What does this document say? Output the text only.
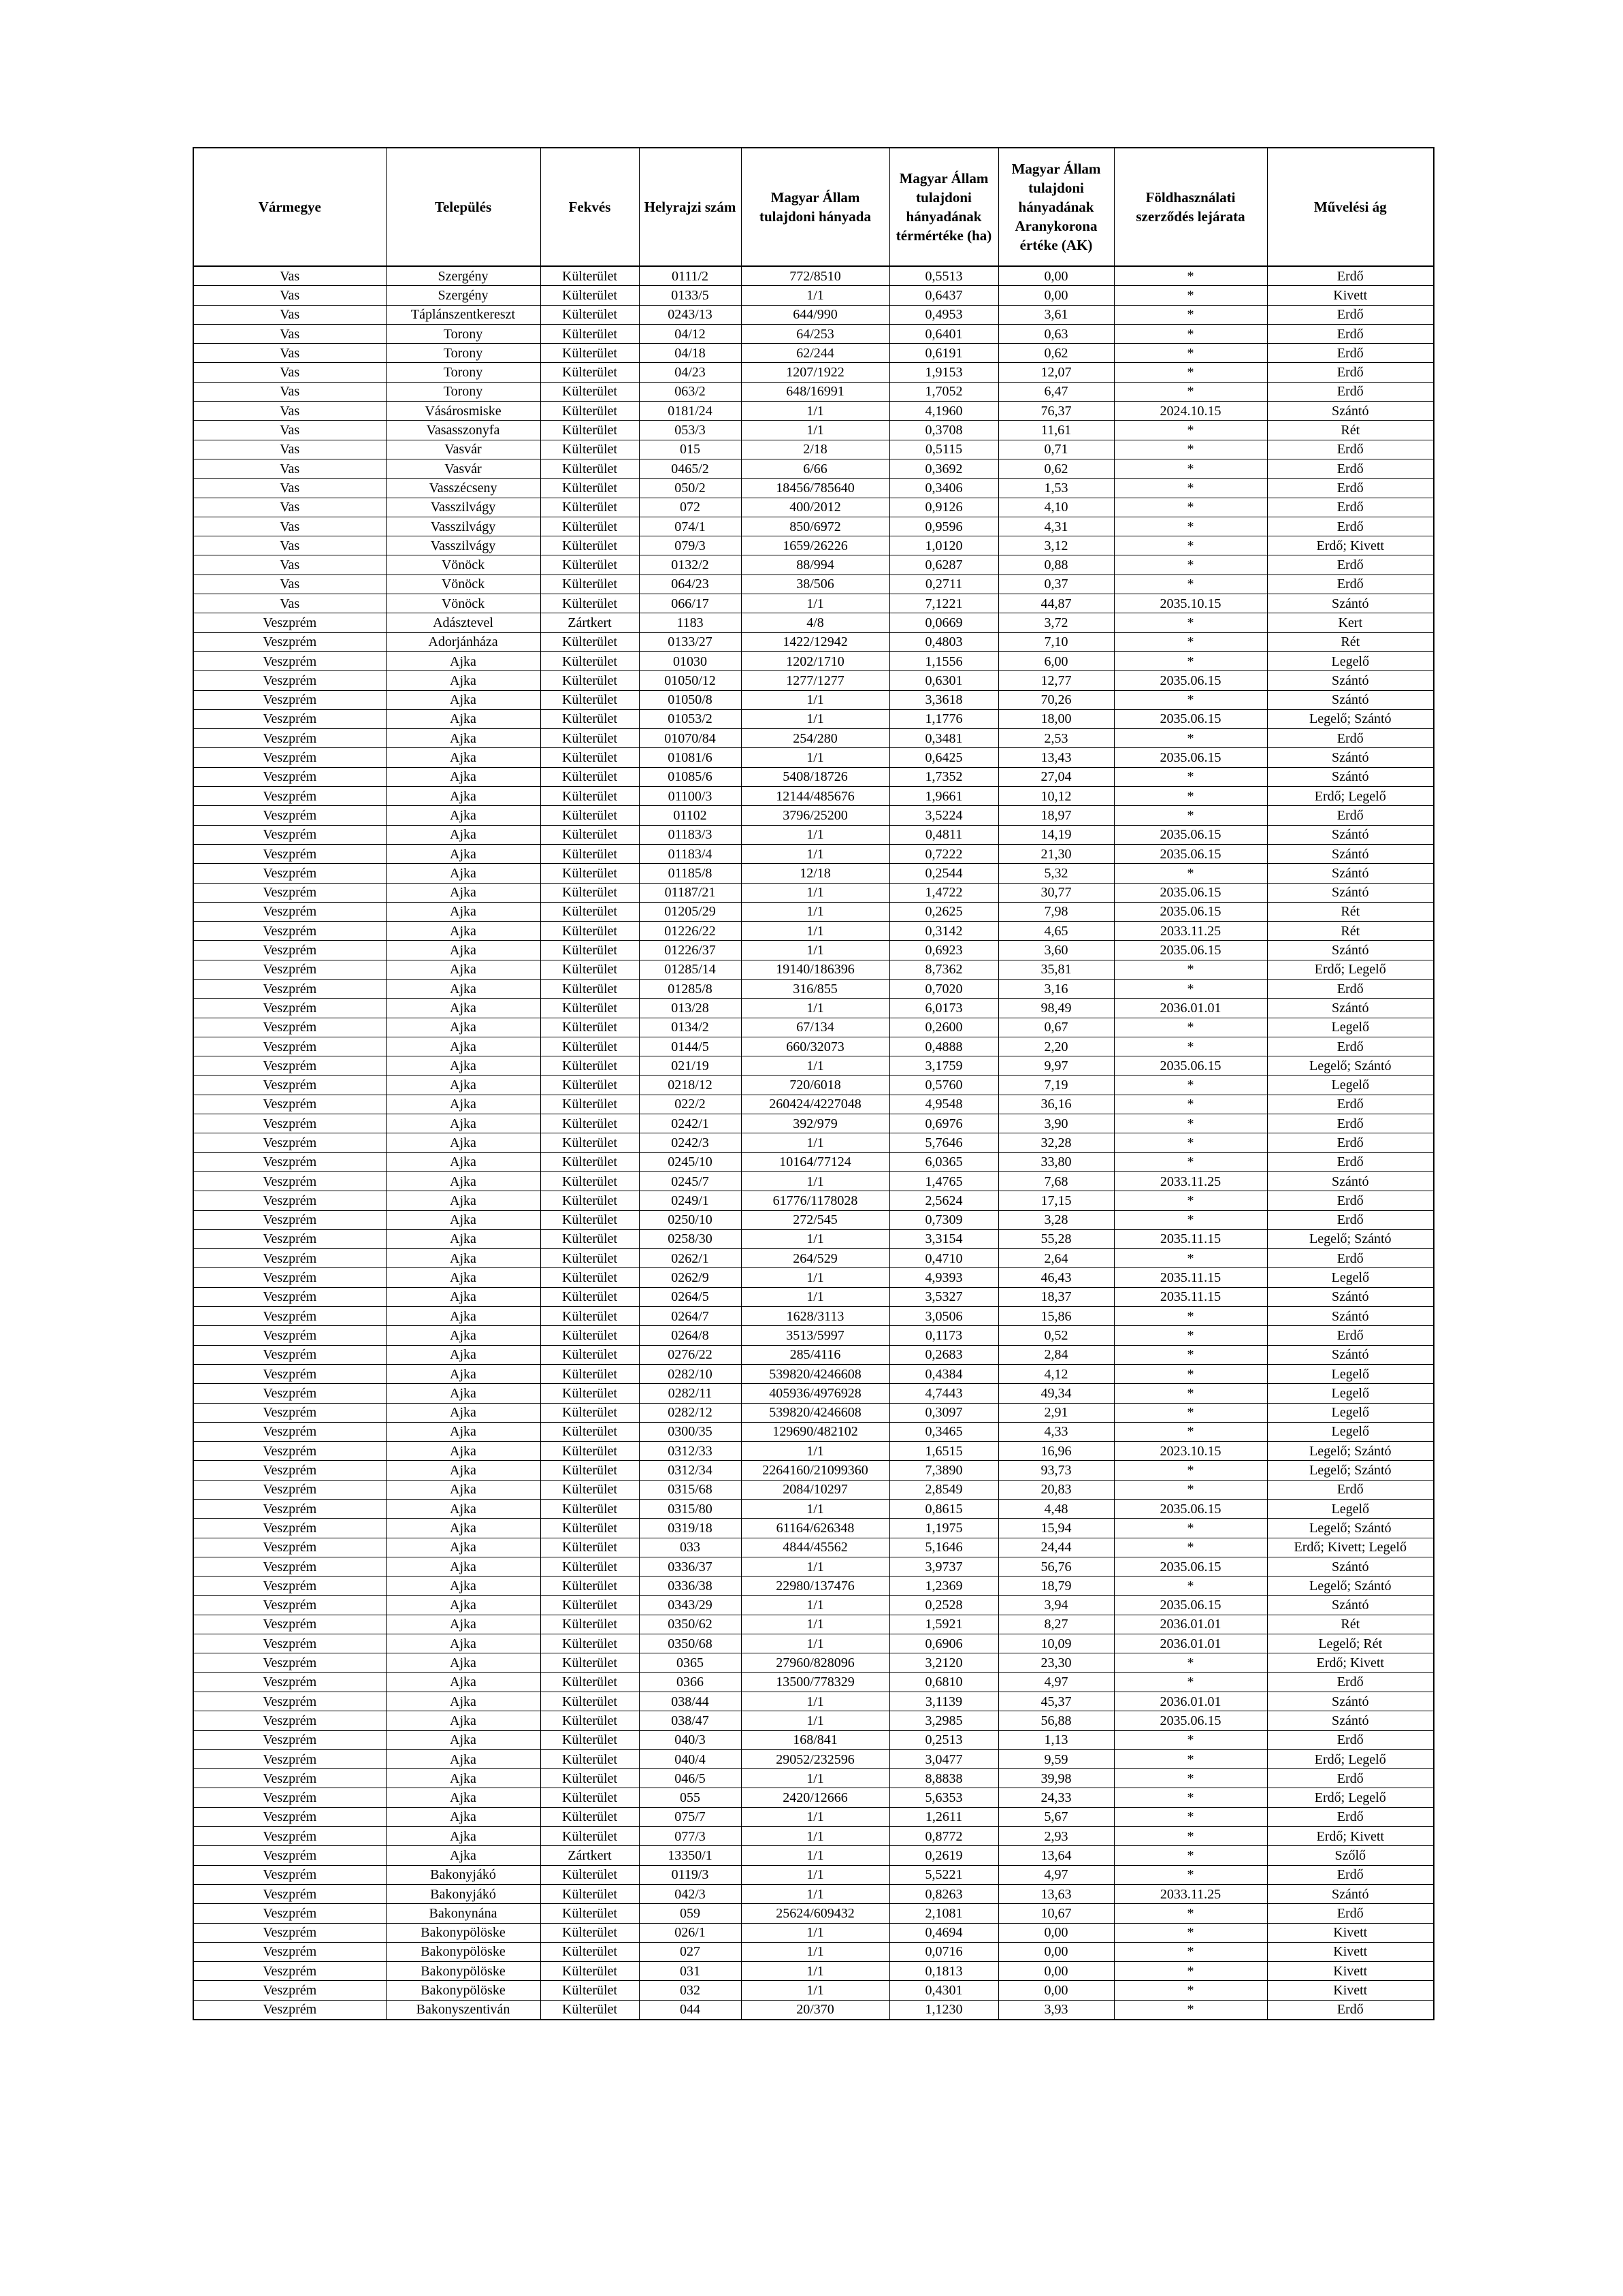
Vármegye	Település	Fekvés	Helyrajzi szám	Magyar Állam tulajdoni hányada	Magyar Állam tulajdoni hányadának térmértéke (ha)	Magyar Állam tulajdoni hányadának Aranykorona értéke (AK)	Földhasználati szerződés lejárata	Művelési ág
Vas	Szergény	Külterület	0111/2	772/8510	0,5513	0,00	*	Erdő
Vas	Szergény	Külterület	0133/5	1/1	0,6437	0,00	*	Kivett
Vas	Táplánszentkereszt	Külterület	0243/13	644/990	0,4953	3,61	*	Erdő
Vas	Torony	Külterület	04/12	64/253	0,6401	0,63	*	Erdő
Vas	Torony	Külterület	04/18	62/244	0,6191	0,62	*	Erdő
Vas	Torony	Külterület	04/23	1207/1922	1,9153	12,07	*	Erdő
Vas	Torony	Külterület	063/2	648/16991	1,7052	6,47	*	Erdő
Vas	Vásárosmiske	Külterület	0181/24	1/1	4,1960	76,37	2024.10.15	Szántó
Vas	Vasasszonyfa	Külterület	053/3	1/1	0,3708	11,61	*	Rét
Vas	Vasvár	Külterület	015	2/18	0,5115	0,71	*	Erdő
Vas	Vasvár	Külterület	0465/2	6/66	0,3692	0,62	*	Erdő
Vas	Vasszécseny	Külterület	050/2	18456/785640	0,3406	1,53	*	Erdő
Vas	Vasszilvágy	Külterület	072	400/2012	0,9126	4,10	*	Erdő
Vas	Vasszilvágy	Külterület	074/1	850/6972	0,9596	4,31	*	Erdő
Vas	Vasszilvágy	Külterület	079/3	1659/26226	1,0120	3,12	*	Erdő; Kivett
Vas	Vönöck	Külterület	0132/2	88/994	0,6287	0,88	*	Erdő
Vas	Vönöck	Külterület	064/23	38/506	0,2711	0,37	*	Erdő
Vas	Vönöck	Külterület	066/17	1/1	7,1221	44,87	2035.10.15	Szántó
Veszprém	Adásztevel	Zártkert	1183	4/8	0,0669	3,72	*	Kert
Veszprém	Adorjánháza	Külterület	0133/27	1422/12942	0,4803	7,10	*	Rét
Veszprém	Ajka	Külterület	01030	1202/1710	1,1556	6,00	*	Legelő
Veszprém	Ajka	Külterület	01050/12	1277/1277	0,6301	12,77	2035.06.15	Szántó
Veszprém	Ajka	Külterület	01050/8	1/1	3,3618	70,26	*	Szántó
Veszprém	Ajka	Külterület	01053/2	1/1	1,1776	18,00	2035.06.15	Legelő; Szántó
Veszprém	Ajka	Külterület	01070/84	254/280	0,3481	2,53	*	Erdő
Veszprém	Ajka	Külterület	01081/6	1/1	0,6425	13,43	2035.06.15	Szántó
Veszprém	Ajka	Külterület	01085/6	5408/18726	1,7352	27,04	*	Szántó
Veszprém	Ajka	Külterület	01100/3	12144/485676	1,9661	10,12	*	Erdő; Legelő
Veszprém	Ajka	Külterület	01102	3796/25200	3,5224	18,97	*	Erdő
Veszprém	Ajka	Külterület	01183/3	1/1	0,4811	14,19	2035.06.15	Szántó
Veszprém	Ajka	Külterület	01183/4	1/1	0,7222	21,30	2035.06.15	Szántó
Veszprém	Ajka	Külterület	01185/8	12/18	0,2544	5,32	*	Szántó
Veszprém	Ajka	Külterület	01187/21	1/1	1,4722	30,77	2035.06.15	Szántó
Veszprém	Ajka	Külterület	01205/29	1/1	0,2625	7,98	2035.06.15	Rét
Veszprém	Ajka	Külterület	01226/22	1/1	0,3142	4,65	2033.11.25	Rét
Veszprém	Ajka	Külterület	01226/37	1/1	0,6923	3,60	2035.06.15	Szántó
Veszprém	Ajka	Külterület	01285/14	19140/186396	8,7362	35,81	*	Erdő; Legelő
Veszprém	Ajka	Külterület	01285/8	316/855	0,7020	3,16	*	Erdő
Veszprém	Ajka	Külterület	013/28	1/1	6,0173	98,49	2036.01.01	Szántó
Veszprém	Ajka	Külterület	0134/2	67/134	0,2600	0,67	*	Legelő
Veszprém	Ajka	Külterület	0144/5	660/32073	0,4888	2,20	*	Erdő
Veszprém	Ajka	Külterület	021/19	1/1	3,1759	9,97	2035.06.15	Legelő; Szántó
Veszprém	Ajka	Külterület	0218/12	720/6018	0,5760	7,19	*	Legelő
Veszprém	Ajka	Külterület	022/2	260424/4227048	4,9548	36,16	*	Erdő
Veszprém	Ajka	Külterület	0242/1	392/979	0,6976	3,90	*	Erdő
Veszprém	Ajka	Külterület	0242/3	1/1	5,7646	32,28	*	Erdő
Veszprém	Ajka	Külterület	0245/10	10164/77124	6,0365	33,80	*	Erdő
Veszprém	Ajka	Külterület	0245/7	1/1	1,4765	7,68	2033.11.25	Szántó
Veszprém	Ajka	Külterület	0249/1	61776/1178028	2,5624	17,15	*	Erdő
Veszprém	Ajka	Külterület	0250/10	272/545	0,7309	3,28	*	Erdő
Veszprém	Ajka	Külterület	0258/30	1/1	3,3154	55,28	2035.11.15	Legelő; Szántó
Veszprém	Ajka	Külterület	0262/1	264/529	0,4710	2,64	*	Erdő
Veszprém	Ajka	Külterület	0262/9	1/1	4,9393	46,43	2035.11.15	Legelő
Veszprém	Ajka	Külterület	0264/5	1/1	3,5327	18,37	2035.11.15	Szántó
Veszprém	Ajka	Külterület	0264/7	1628/3113	3,0506	15,86	*	Szántó
Veszprém	Ajka	Külterület	0264/8	3513/5997	0,1173	0,52	*	Erdő
Veszprém	Ajka	Külterület	0276/22	285/4116	0,2683	2,84	*	Szántó
Veszprém	Ajka	Külterület	0282/10	539820/4246608	0,4384	4,12	*	Legelő
Veszprém	Ajka	Külterület	0282/11	405936/4976928	4,7443	49,34	*	Legelő
Veszprém	Ajka	Külterület	0282/12	539820/4246608	0,3097	2,91	*	Legelő
Veszprém	Ajka	Külterület	0300/35	129690/482102	0,3465	4,33	*	Legelő
Veszprém	Ajka	Külterület	0312/33	1/1	1,6515	16,96	2023.10.15	Legelő; Szántó
Veszprém	Ajka	Külterület	0312/34	2264160/21099360	7,3890	93,73	*	Legelő; Szántó
Veszprém	Ajka	Külterület	0315/68	2084/10297	2,8549	20,83	*	Erdő
Veszprém	Ajka	Külterület	0315/80	1/1	0,8615	4,48	2035.06.15	Legelő
Veszprém	Ajka	Külterület	0319/18	61164/626348	1,1975	15,94	*	Legelő; Szántó
Veszprém	Ajka	Külterület	033	4844/45562	5,1646	24,44	*	Erdő; Kivett; Legelő
Veszprém	Ajka	Külterület	0336/37	1/1	3,9737	56,76	2035.06.15	Szántó
Veszprém	Ajka	Külterület	0336/38	22980/137476	1,2369	18,79	*	Legelő; Szántó
Veszprém	Ajka	Külterület	0343/29	1/1	0,2528	3,94	2035.06.15	Szántó
Veszprém	Ajka	Külterület	0350/62	1/1	1,5921	8,27	2036.01.01	Rét
Veszprém	Ajka	Külterület	0350/68	1/1	0,6906	10,09	2036.01.01	Legelő; Rét
Veszprém	Ajka	Külterület	0365	27960/828096	3,2120	23,30	*	Erdő; Kivett
Veszprém	Ajka	Külterület	0366	13500/778329	0,6810	4,97	*	Erdő
Veszprém	Ajka	Külterület	038/44	1/1	3,1139	45,37	2036.01.01	Szántó
Veszprém	Ajka	Külterület	038/47	1/1	3,2985	56,88	2035.06.15	Szántó
Veszprém	Ajka	Külterület	040/3	168/841	0,2513	1,13	*	Erdő
Veszprém	Ajka	Külterület	040/4	29052/232596	3,0477	9,59	*	Erdő; Legelő
Veszprém	Ajka	Külterület	046/5	1/1	8,8838	39,98	*	Erdő
Veszprém	Ajka	Külterület	055	2420/12666	5,6353	24,33	*	Erdő; Legelő
Veszprém	Ajka	Külterület	075/7	1/1	1,2611	5,67	*	Erdő
Veszprém	Ajka	Külterület	077/3	1/1	0,8772	2,93	*	Erdő; Kivett
Veszprém	Ajka	Zártkert	13350/1	1/1	0,2619	13,64	*	Szőlő
Veszprém	Bakonyjákó	Külterület	0119/3	1/1	5,5221	4,97	*	Erdő
Veszprém	Bakonyjákó	Külterület	042/3	1/1	0,8263	13,63	2033.11.25	Szántó
Veszprém	Bakonynána	Külterület	059	25624/609432	2,1081	10,67	*	Erdő
Veszprém	Bakonypölöske	Külterület	026/1	1/1	0,4694	0,00	*	Kivett
Veszprém	Bakonypölöske	Külterület	027	1/1	0,0716	0,00	*	Kivett
Veszprém	Bakonypölöske	Külterület	031	1/1	0,1813	0,00	*	Kivett
Veszprém	Bakonypölöske	Külterület	032	1/1	0,4301	0,00	*	Kivett
Veszprém	Bakonyszentiván	Külterület	044	20/370	1,1230	3,93	*	Erdő
